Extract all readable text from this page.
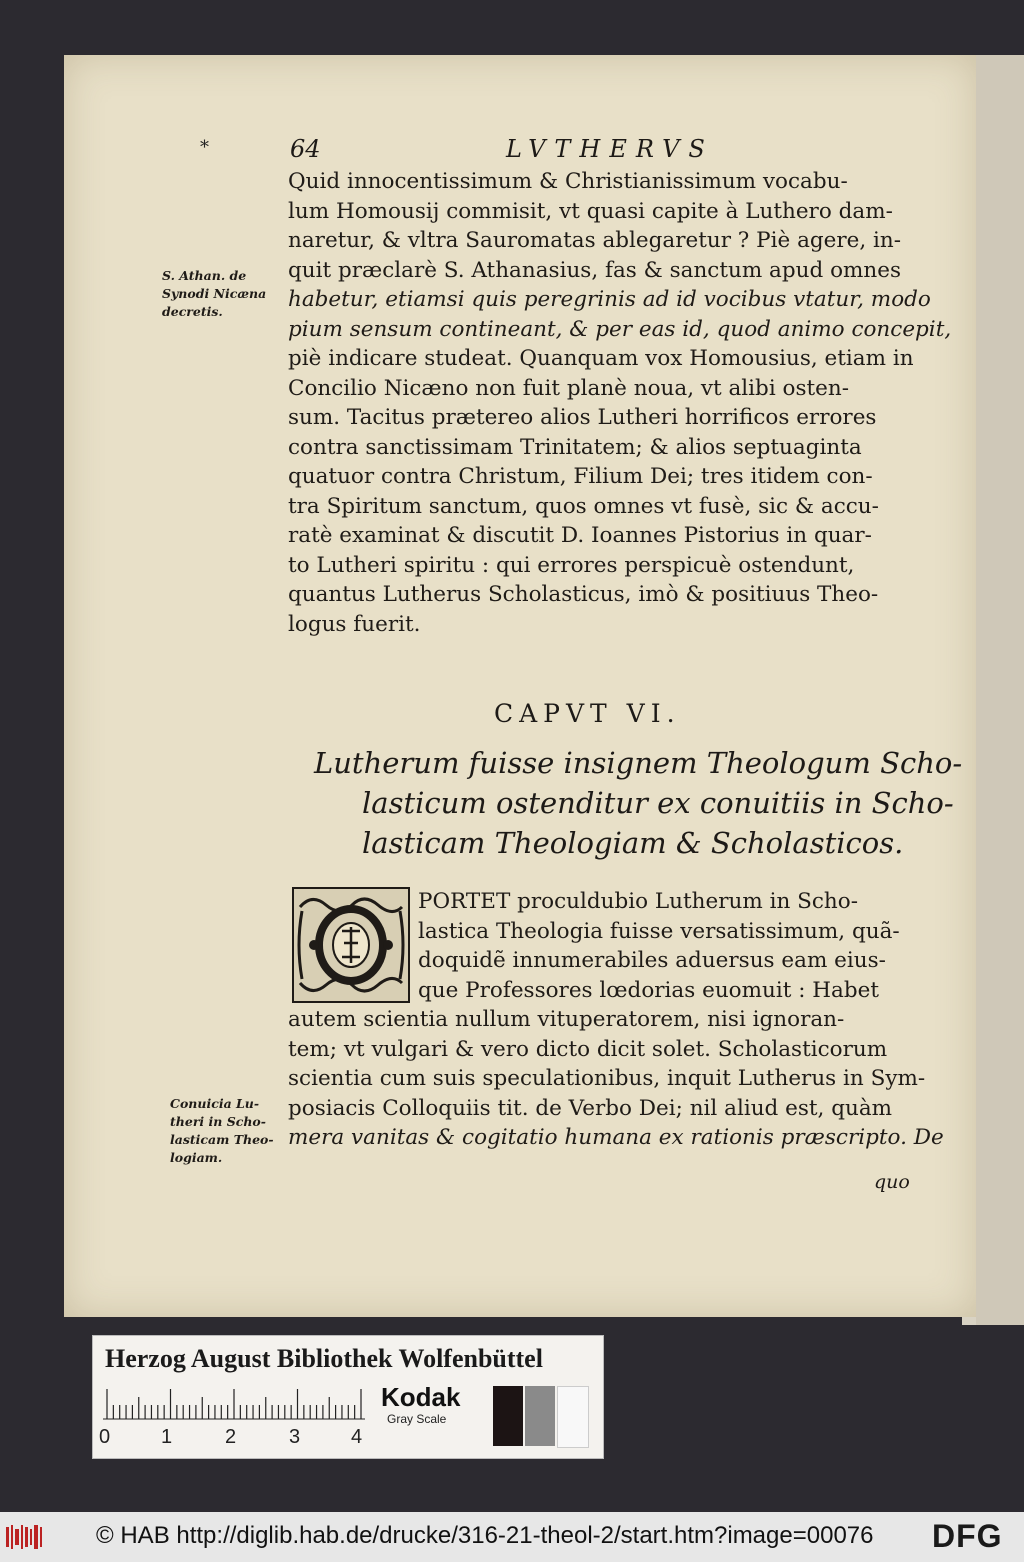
*	64	LVTHERVS
S. Athan. de
Synodi Nicæna
decretis.
Quid innocentissimum & Christianissimum vocabu-
lum Homousij commisit, vt quasi capite à Luthero dam-
naretur, & vltra Sauromatas ablegaretur ? Piè agere, in-
quit præclarè S. Athanasius, fas & sanctum apud omnes
habetur, etiamsi quis peregrinis ad id vocibus vtatur, modo
pium sensum contineant, & per eas id, quod animo concepit,
piè indicare studeat. Quanquam vox Homousius, etiam in
Concilio Nicæno non fuit planè noua, vt alibi osten-
sum. Tacitus prætereo alios Lutheri horrificos errores
contra sanctissimam Trinitatem; & alios septuaginta
quatuor contra Christum, Filium Dei; tres itidem con-
tra Spiritum sanctum, quos omnes vt fusè, sic & accu-
ratè examinat & discutit D. Ioannes Pistorius in quar-
to Lutheri spiritu : qui errores perspicuè ostendunt,
quantus Lutherus Scholasticus, imò & positiuus Theo-
logus fuerit.
CAPVT VI.
Lutherum fuisse insignem Theologum Scho-
lasticum ostenditur ex conuitiis in Scho-
lasticam Theologiam & Scholasticos.
PORTET proculdubio Lutherum in Scho-
lastica Theologia fuisse versatissimum, quã-
doquidẽ innumerabiles aduersus eam eius-
que Professores lœdorias euomuit : Habet
autem scientia nullum vituperatorem, nisi ignoran-
tem; vt vulgari & vero dicto dicit solet. Scholasticorum
scientia cum suis speculationibus, inquit Lutherus in Sym-
posiacis Colloquiis tit. de Verbo Dei; nil aliud est, quàm
mera vanitas & cogitatio humana ex rationis præscripto. De
Conuicia Lu-
theri in Scho-
lasticam Theo-
logiam.
quo
Herzog August Bibliothek Wolfenbüttel
0	1	2	3	4
Kodak
Gray Scale
© HAB http://diglib.hab.de/drucke/316-21-theol-2/start.htm?image=00076 DFG
